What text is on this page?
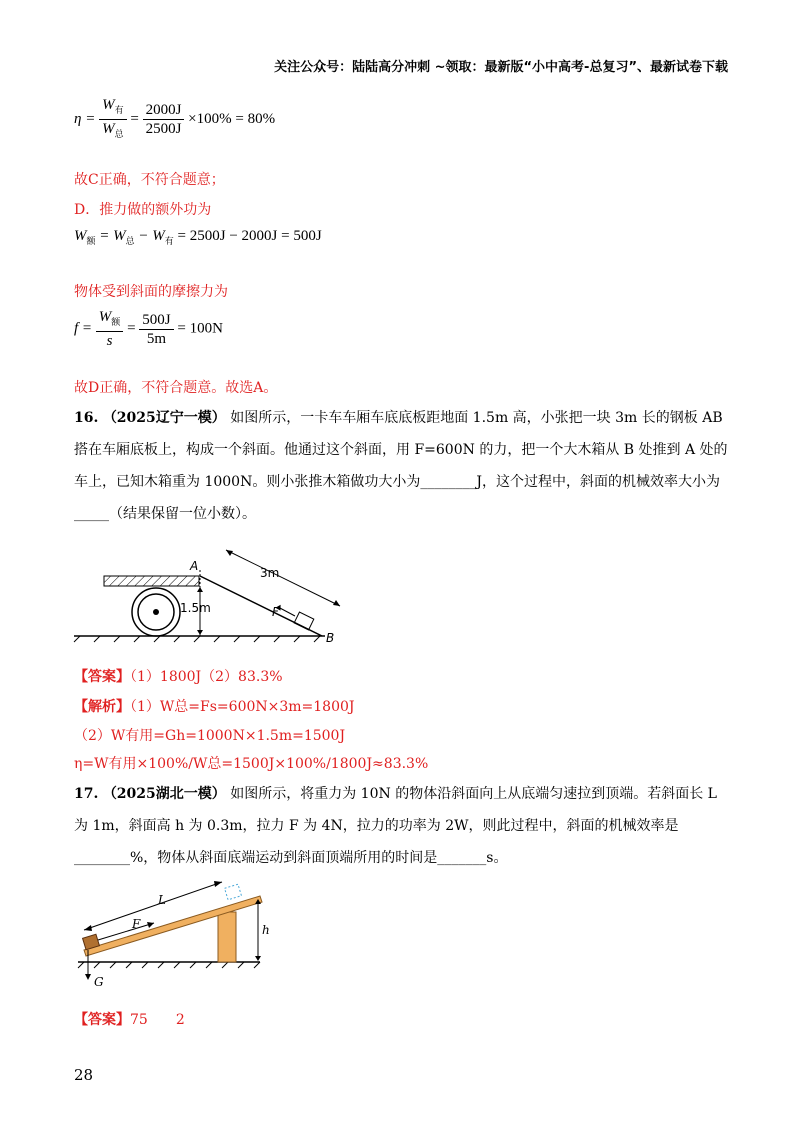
关注公众号：陆陆高分冲刺 ~领取：最新版“小中高考-总复习”、最新试卷下载
$\eta = \frac{W_有}{W_总} = \frac{2000J}{2500J} \times 100\% = 80\%$
故C正确，不符合题意；
D．推力做的额外功为
$W_额 = W_总 - W_有 = 2500J - 2000J = 500J$
物体受到斜面的摩擦力为
$f = \frac{W_额}{s} = \frac{500J}{5m} = 100N$
故D正确，不符合题意。故选A。
16. （2025辽宁一模） 如图所示，一卡车车厢车底底板距地面 1.5m 高，小张把一块 3m 长的钢板 AB 搭在车厢底板上，构成一个斜面。他通过这个斜面，用 F=600N 的力，把一个大木箱从 B 处推到 A 处的车上，已知木箱重为 1000N。则小张推木箱做功大小为________J，这个过程中，斜面的机械效率大小为_____（结果保留一位小数）。
A
B
3m
1.5m	F
【答案】（1）1800J（2）83.3%
【解析】（1）W总=Fs=600N×3m=1800J
（2）W有用=Gh=1000N×1.5m=1500J
η=W有用×100%/W总=1500J×100%/1800J≈83.3%
17. （2025湖北一模） 如图所示，将重力为 10N 的物体沿斜面向上从底端匀速拉到顶端。若斜面长 L 为 1m，斜面高 h 为 0.3m，拉力 F 为 4N，拉力的功率为 2W，则此过程中，斜面的机械效率是________%，物体从斜面底端运动到斜面顶端所用的时间是_______s。
L
F	h
G
【答案】75　　2
28
